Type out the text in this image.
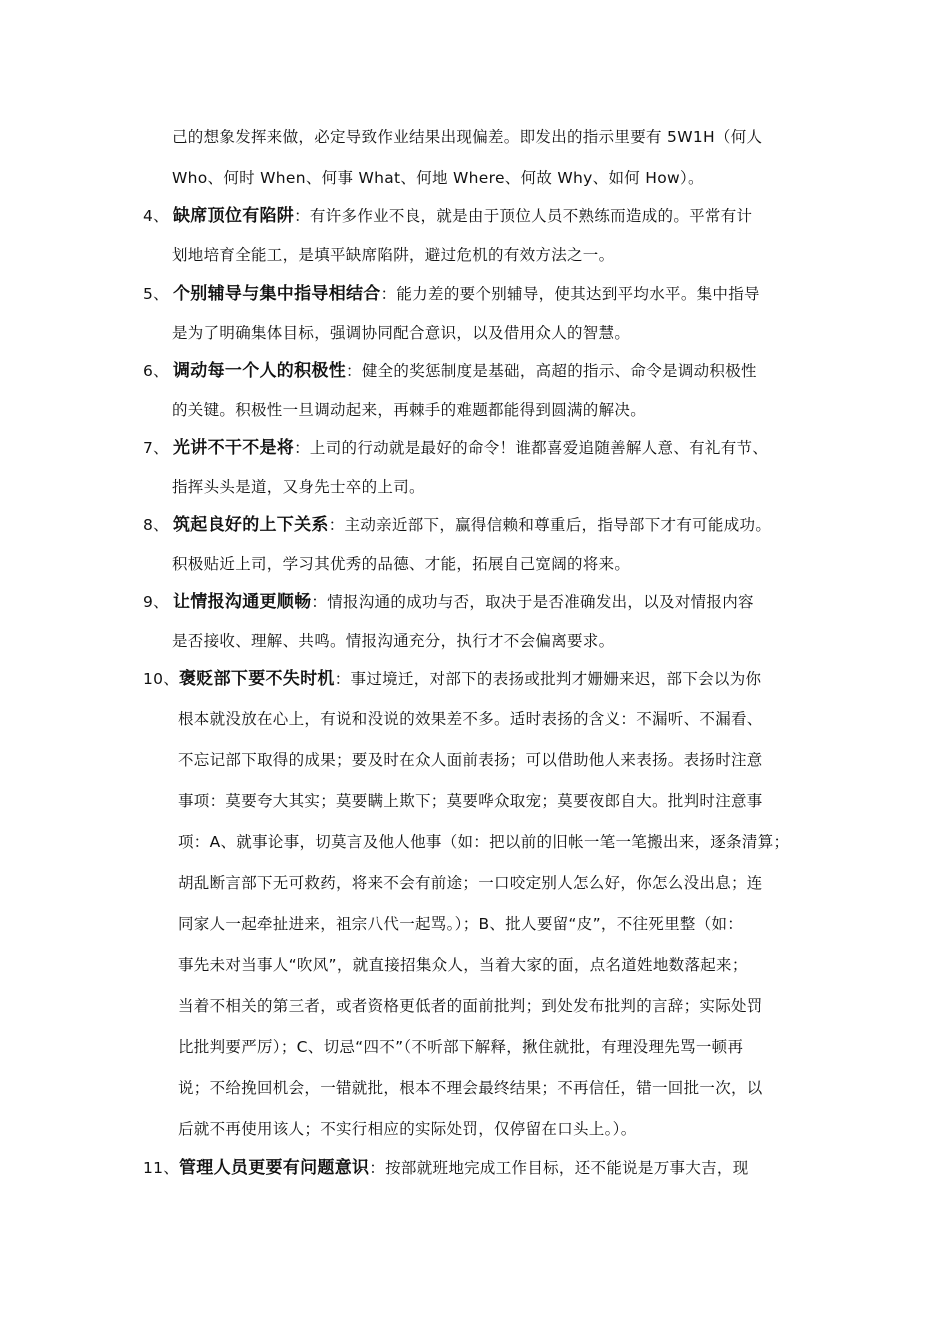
己的想象发挥来做，必定导致作业结果出现偏差。即发出的指示里要有 5W1H（何人
Who、何时 When、何事 What、何地 Where、何故 Why、如何 How）。
4、 缺席顶位有陷阱：有许多作业不良，就是由于顶位人员不熟练而造成的。平常有计
划地培育全能工，是填平缺席陷阱，避过危机的有效方法之一。
5、 个别辅导与集中指导相结合：能力差的要个别辅导，使其达到平均水平。集中指导
是为了明确集体目标，强调协同配合意识，以及借用众人的智慧。
6、 调动每一个人的积极性：健全的奖惩制度是基础，高超的指示、命令是调动积极性
的关键。积极性一旦调动起来，再棘手的难题都能得到圆满的解决。
7、 光讲不干不是将：上司的行动就是最好的命令！谁都喜爱追随善解人意、有礼有节、
指挥头头是道，又身先士卒的上司。
8、 筑起良好的上下关系：主动亲近部下，赢得信赖和尊重后，指导部下才有可能成功。
积极贴近上司，学习其优秀的品德、才能，拓展自己宽阔的将来。
9、 让情报沟通更顺畅：情报沟通的成功与否，取决于是否准确发出，以及对情报内容
是否接收、理解、共鸣。情报沟通充分，执行才不会偏离要求。
10、褒贬部下要不失时机：事过境迁，对部下的表扬或批判才姗姗来迟，部下会以为你
根本就没放在心上，有说和没说的效果差不多。适时表扬的含义：不漏听、不漏看、
不忘记部下取得的成果；要及时在众人面前表扬；可以借助他人来表扬。表扬时注意
事项：莫要夸大其实；莫要瞒上欺下；莫要哗众取宠；莫要夜郎自大。批判时注意事
项：A、就事论事，切莫言及他人他事（如：把以前的旧帐一笔一笔搬出来，逐条清算；
胡乱断言部下无可救药，将来不会有前途；一口咬定别人怎么好，你怎么没出息；连
同家人一起牵扯进来，祖宗八代一起骂。）；B、批人要留“皮”，不往死里整（如：
事先未对当事人“吹风”，就直接招集众人，当着大家的面，点名道姓地数落起来；
当着不相关的第三者，或者资格更低者的面前批判；到处发布批判的言辞；实际处罚
比批判要严厉）；C、切忌“四不”（不听部下解释，揪住就批，有理没理先骂一顿再
说；不给挽回机会，一错就批，根本不理会最终结果；不再信任，错一回批一次，以
后就不再使用该人；不实行相应的实际处罚，仅停留在口头上。）。
11、管理人员更要有问题意识：按部就班地完成工作目标，还不能说是万事大吉，现
